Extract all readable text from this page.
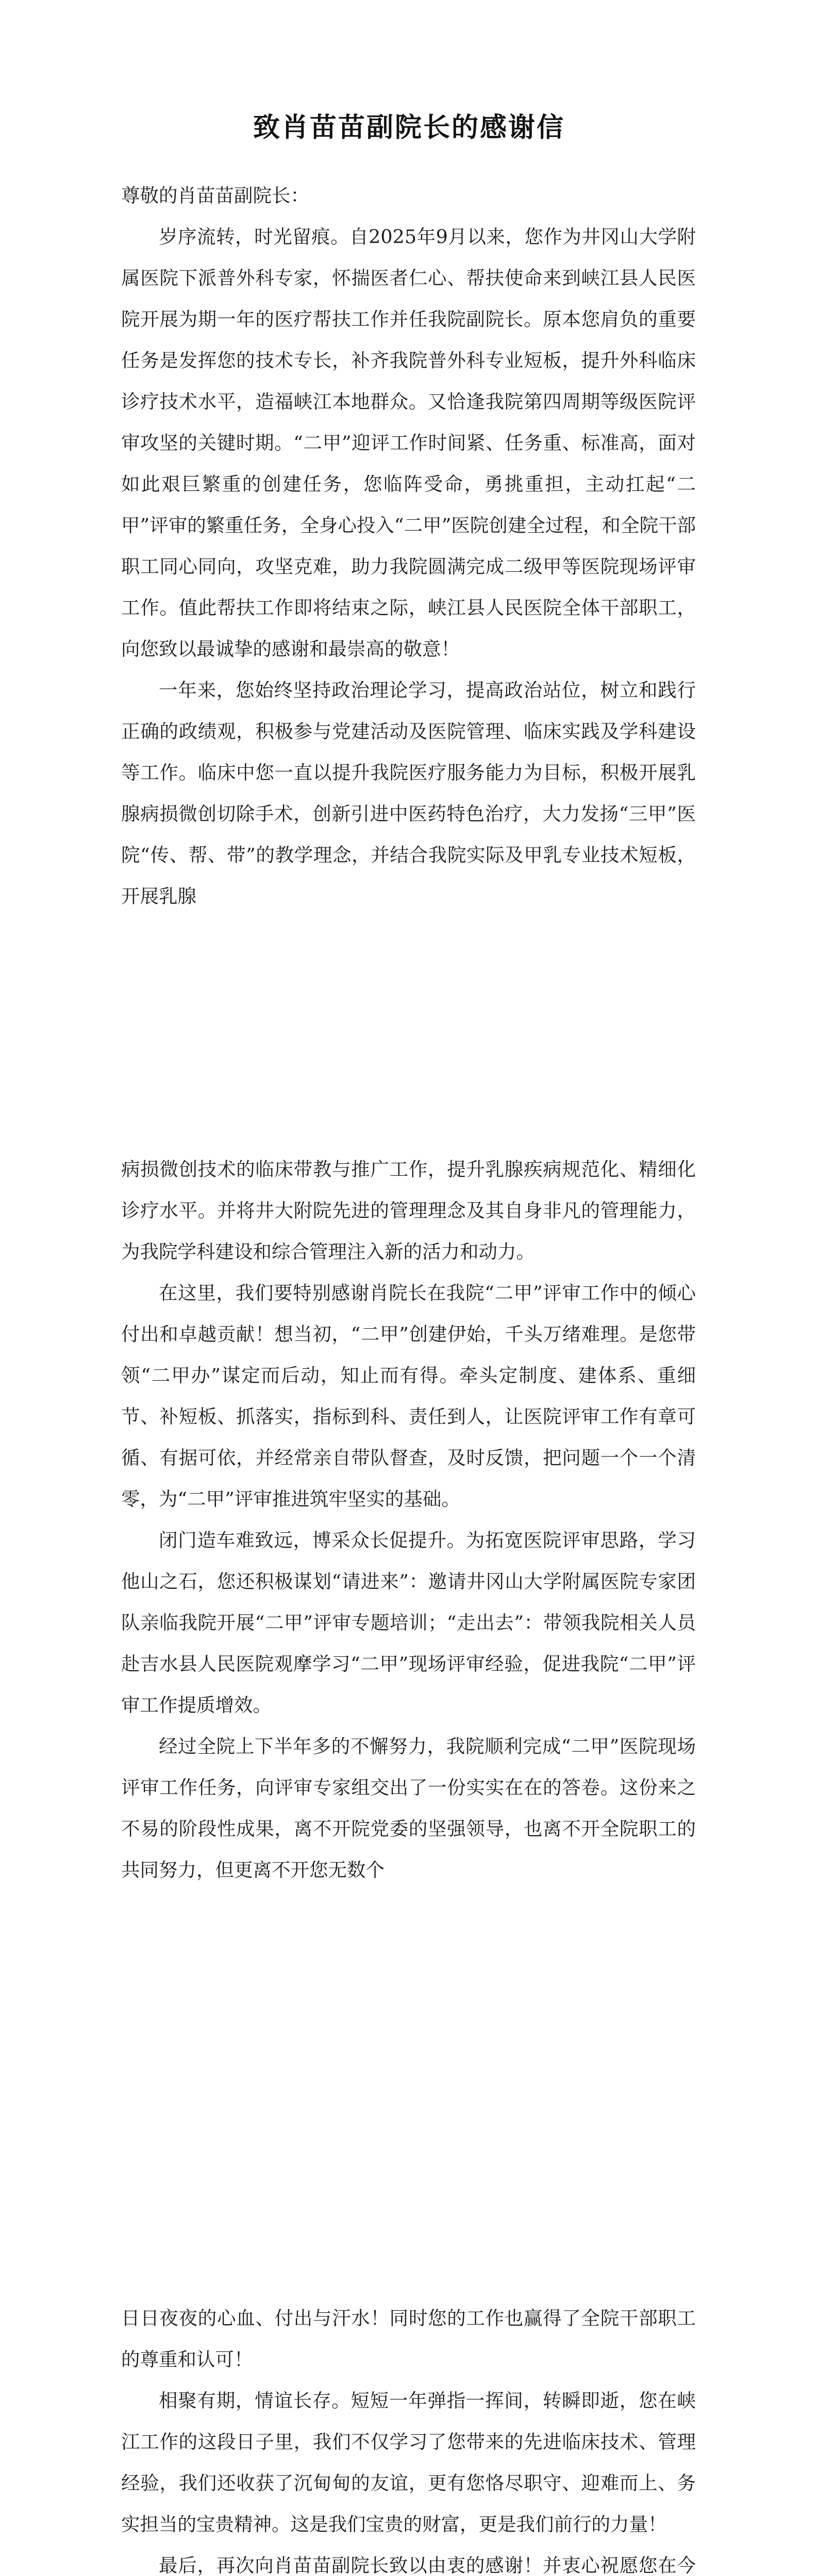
致肖苗苗副院长的感谢信

尊敬的肖苗苗副院长：

岁序流转，时光留痕。自2025年9月以来，您作为井冈山大学附属医院下派普外科专家，怀揣医者仁心、帮扶使命来到峡江县人民医院开展为期一年的医疗帮扶工作并任我院副院长。原本您肩负的重要任务是发挥您的技术专长，补齐我院普外科专业短板，提升外科临床诊疗技术水平，造福峡江本地群众。又恰逢我院第四周期等级医院评审攻坚的关键时期。“二甲”迎评工作时间紧、任务重、标准高，面对如此艰巨繁重的创建任务，您临阵受命，勇挑重担，主动扛起“二甲”评审的繁重任务，全身心投入“二甲”医院创建全过程，和全院干部职工同心同向，攻坚克难，助力我院圆满完成二级甲等医院现场评审工作。值此帮扶工作即将结束之际，峡江县人民医院全体干部职工，向您致以最诚挚的感谢和最崇高的敬意！

一年来，您始终坚持政治理论学习，提高政治站位，树立和践行正确的政绩观，积极参与党建活动及医院管理、临床实践及学科建设等工作。临床中您一直以提升我院医疗服务能力为目标，积极开展乳腺病损微创切除手术，创新引进中医药特色治疗，大力发扬“三甲”医院“传、帮、带”的教学理念，并结合我院实际及甲乳专业技术短板，开展乳腺

病损微创技术的临床带教与推广工作，提升乳腺疾病规范化、精细化诊疗水平。并将井大附院先进的管理理念及其自身非凡的管理能力，为我院学科建设和综合管理注入新的活力和动力。

在这里，我们要特别感谢肖院长在我院“二甲”评审工作中的倾心付出和卓越贡献！想当初，“二甲”创建伊始，千头万绪难理。是您带领“二甲办”谋定而后动，知止而有得。牵头定制度、建体系、重细节、补短板、抓落实，指标到科、责任到人，让医院评审工作有章可循、有据可依，并经常亲自带队督查，及时反馈，把问题一个一个清零，为“二甲”评审推进筑牢坚实的基础。

闭门造车难致远，博采众长促提升。为拓宽医院评审思路，学习他山之石，您还积极谋划“请进来”：邀请井冈山大学附属医院专家团队亲临我院开展“二甲”评审专题培训；“走出去”：带领我院相关人员赴吉水县人民医院观摩学习“二甲”现场评审经验，促进我院“二甲”评审工作提质增效。

经过全院上下半年多的不懈努力，我院顺利完成“二甲”医院现场评审工作任务，向评审专家组交出了一份实实在在的答卷。这份来之不易的阶段性成果，离不开院党委的坚强领导，也离不开全院职工的共同努力，但更离不开您无数个

日日夜夜的心血、付出与汗水！同时您的工作也赢得了全院干部职工的尊重和认可！

相聚有期，情谊长存。短短一年弹指一挥间，转瞬即逝，您在峡江工作的这段日子里，我们不仅学习了您带来的先进临床技术、管理经验，我们还收获了沉甸甸的友谊，更有您恪尽职守、迎难而上、务实担当的宝贵精神。这是我们宝贵的财富，更是我们前行的力量！

最后，再次向肖苗苗副院长致以由衷的感谢！并衷心祝愿您在今
